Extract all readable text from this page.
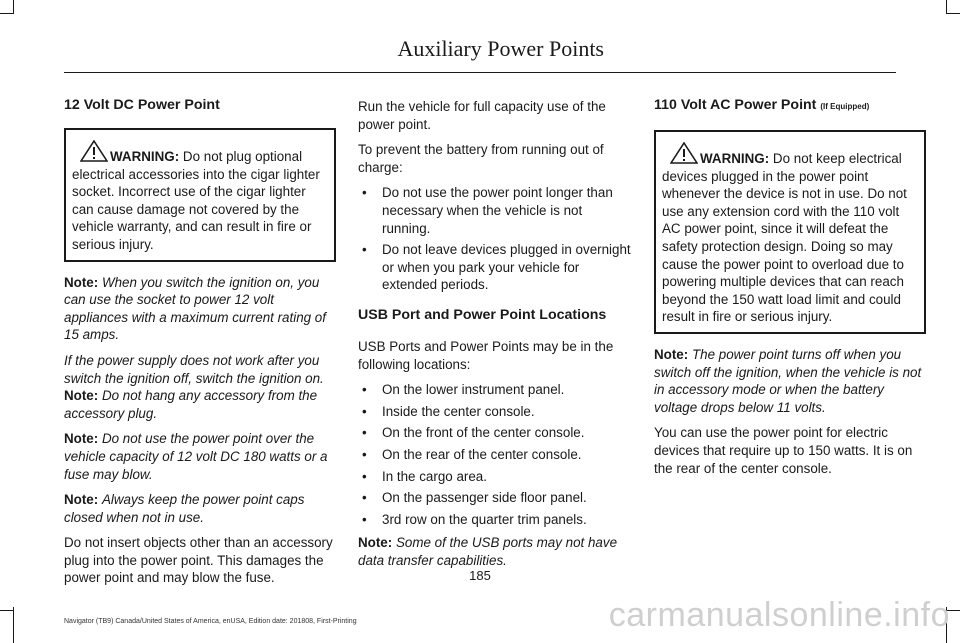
Auxiliary Power Points
12 Volt DC Power Point
WARNING: Do not plug optional electrical accessories into the cigar lighter socket. Incorrect use of the cigar lighter can cause damage not covered by the vehicle warranty, and can result in fire or serious injury.

Note: When you switch the ignition on, you can use the socket to power 12 volt appliances with a maximum current rating of 15 amps.

If the power supply does not work after you switch the ignition off, switch the ignition on.

Note: Do not hang any accessory from the accessory plug.

Note: Do not use the power point over the vehicle capacity of 12 volt DC 180 watts or a fuse may blow.

Note: Always keep the power point caps closed when not in use.

Do not insert objects other than an accessory plug into the power point. This damages the power point and may blow the fuse.

Run the vehicle for full capacity use of the power point.

To prevent the battery from running out of charge:

• Do not use the power point longer than necessary when the vehicle is not running.
• Do not leave devices plugged in overnight or when you park your vehicle for extended periods.
USB Port and Power Point Locations

USB Ports and Power Points may be in the following locations:

• On the lower instrument panel.
• Inside the center console.
• On the front of the center console.
• On the rear of the center console.
• In the cargo area.
• On the passenger side floor panel.
• 3rd row on the quarter trim panels.

Note: Some of the USB ports may not have data transfer capabilities.

110 Volt AC Power Point (If Equipped)
WARNING: Do not keep electrical devices plugged in the power point whenever the device is not in use. Do not use any extension cord with the 110 volt AC power point, since it will defeat the safety protection design. Doing so may cause the power point to overload due to powering multiple devices that can reach beyond the 150 watt load limit and could result in fire or serious injury.

Note: The power point turns off when you switch off the ignition, when the vehicle is not in accessory mode or when the battery voltage drops below 11 volts.

You can use the power point for electric devices that require up to 150 watts. It is on the rear of the center console.

185
Navigator (TB9) Canada/United States of America, enUSA, Edition date: 201808, First-Printing	carmanualsonline.info
